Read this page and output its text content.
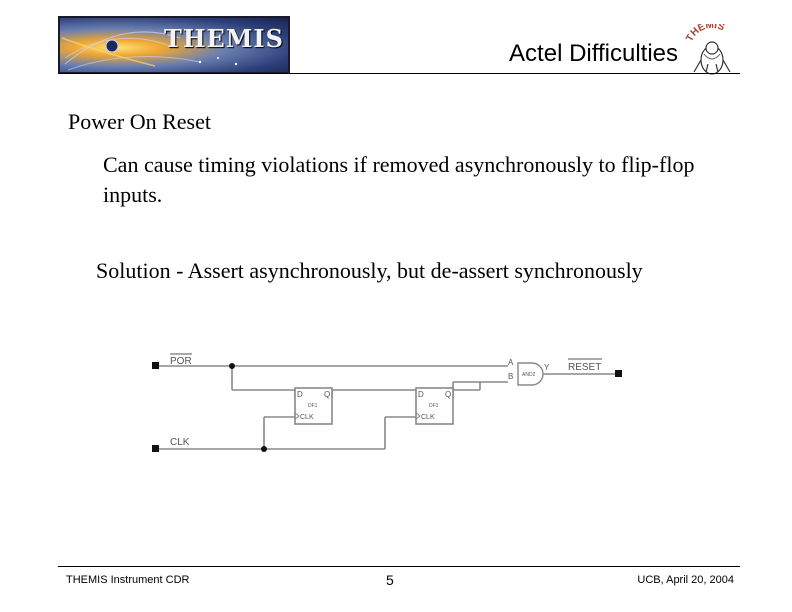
THEMIS
Actel Difficulties
THEMIS
Power On Reset
Can cause timing violations if removed asynchronously to flip-flop inputs.
Solution - Assert asynchronously, but de-assert synchronously
POR
CLK
RESET
D	Q
DF1
CLK
D	Q
DF1
CLK
A
B AND2
Y
THEMIS Instrument CDR	5	UCB, April 20, 2004
